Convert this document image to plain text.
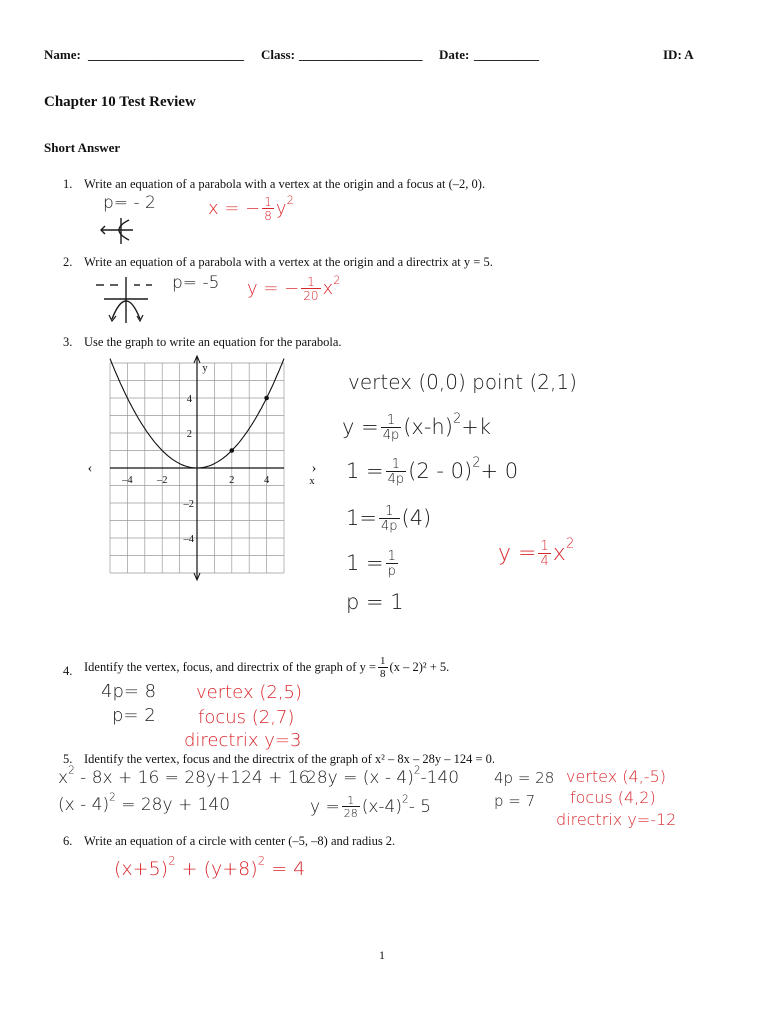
Name: ________________________ Class: ___________________ Date: __________	ID: A
Chapter 10 Test Review
Short Answer
1. Write an equation of a parabola with a vertex at the origin and a focus at (–2, 0).
p= - 2	x = − $\frac{1}{8} y^2$
2. Write an equation of a parabola with a vertex at the origin and a directrix at y = 5.
p= -5 y = − $\frac{1}{20} x^2$
3. Use the graph to write an equation for the parabola.
‹	›
y
x
–4 –2	2	4
4
2
–2
–4
vertex (0,0) point (2,1)
$y = \frac{1}{4p} (x-h)^2+k$
$1 = \frac{1}{4p} (2 - 0)^2+ 0$
$1= \frac{1}{4p} (4)$
$1 = \frac{1}{p}$
p = 1
$y = \frac{1}{4} x^2$
4. Identify the vertex, focus, and directrix of the graph of $y = \frac{1}{8} (x - 2)^2 + 5$.
4p= 8
p= 2
vertex (2,5)
focus (2,7)
directrix y=3
5. Identify the vertex, focus and the directrix of the graph of x² – 8x – 28y – 124 = 0.
$x^2 - 8x + 16 = 28y+124 + 16$
(x - 4)$^2$ = 28y + 140
28y = (x - 4)$^2$-140
$y = \frac{1}{28} (x-4)^2-$ 5
4p = 28
p = 7
vertex (4,-5)
focus (4,2)
directrix y=-12
6. Write an equation of a circle with center (–5, –8) and radius 2.
$(x+5)^2 + (y+8)^2 = 4$
1
